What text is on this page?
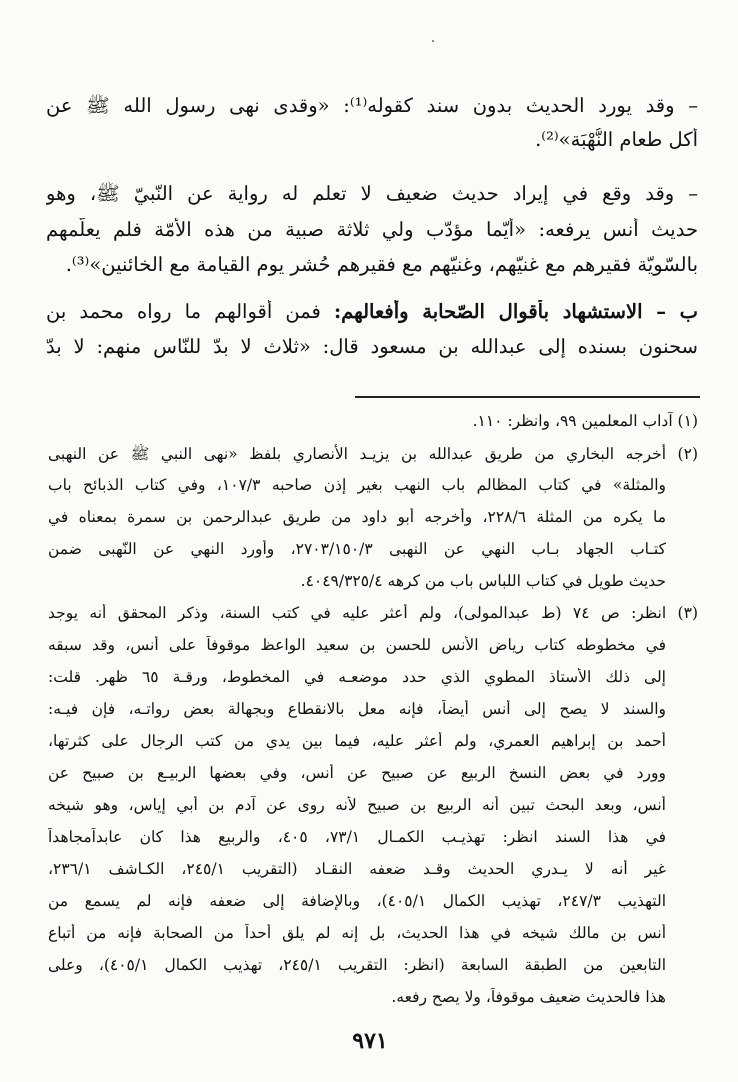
– وقد يورد الحديث بدون سند كقوله⁽¹⁾: «وقدى نهى رسول الله ﷺ عن
أكل طعام النُّهْبَة»⁽²⁾.
– وقد وقع في إيراد حديث ضعيف لا تعلم له رواية عن النّبيّ ﷺ، وهو
حديث أنس يرفعه: «أيّما مؤدّب ولي ثلاثة صبية من هذه الأمّة فلم يعلّمهم
بالسّويّة فقيرهم مع غنيّهم، وغنيّهم مع فقيرهم حُشر يوم القيامة مع الخائنين»⁽³⁾.
ب – الاستشهاد بأقوال الصّحابة وأفعالهم: فمن أقوالهم ما رواه محمد بن
سحنون بسنده إلى عبدالله بن مسعود قال: «ثلاث لا بدّ للنّاس منهم: لا بدّ
(١) آداب المعلمين ٩٩، وانظر: ١١٠.
(٢) أخرجه البخاري من طريق عبدالله بن يزيـد الأنصاري بلفظ «نهى النبي ﷺ عن النهبى
والمثلة» في كتاب المظالم باب النهب بغير إذن صاحبه ١٠٧/٣، وفي كتاب الذبائح باب
ما يكره من المثلة ٢٢٨/٦، وأخرجه أبو داود من طريق عبدالرحمن بن سمرة بمعناه في
كتـاب الجهاد بـاب النهي عن النهبى ٢٧٠٣/١٥٠/٣، وأورد النهي عن النّهبى ضمن
حديث طويل في كتاب اللباس باب من كرهه ٤٠٤٩/٣٢٥/٤.
(٣) انظر: ص ٧٤ (ط عبدالمولى)، ولم أعثر عليه في كتب السنة، وذكر المحقق أنه يوجد
في مخطوطه كتاب رياض الأنس للحسن بن سعيد الواعظ موقوفاً على أنس، وقد سبقه
إلى ذلك الأستاذ المطوي الذي حدد موضعـه في المخطوط، ورقـة ٦٥ ظهر. قلت:
والسند لا يصح إلى أنس أيضاً، فإنه معل بالانقطاع وبجهالة بعض رواتـه، فإن فيـه:
أحمد بن إبراهيم العمري، ولم أعثر عليه، فيما بين يدي من كتب الرجال على كثرتها،
وورد في بعض النسخ الربيع عن صبيح عن أنس، وفي بعضها الربيـع بن صبيح عن
أنس، وبعد البحث تبين أنه الربيع بن صبيح لأنه روى عن آدم بن أبي إياس، وهو شيخه
في هذا السند انظر: تهذيـب الكمـال ٧٣/١، ٤٠٥، والربيع هذا كان عابداًمجاهداً
غير أنه لا يـدري الحديث وقـد ضعفه النقـاد (التقريب ٢٤٥/١، الكـاشف ٢٣٦/١،
التهذيب ٢٤٧/٣، تهذيب الكمال ٤٠٥/١)، وبالإضافة إلى ضعفه فإنه لم يسمع من
أنس بن مالك شيخه في هذا الحديث، بل إنه لم يلق أحداً من الصحابة فإنه من أتباع
التابعين من الطبقة السابعة (انظر: التقريب ٢٤٥/١، تهذيب الكمال ٤٠٥/١)، وعلى
هذا فالحديث ضعيف موقوفاً، ولا يصح رفعه.
٩٧١
